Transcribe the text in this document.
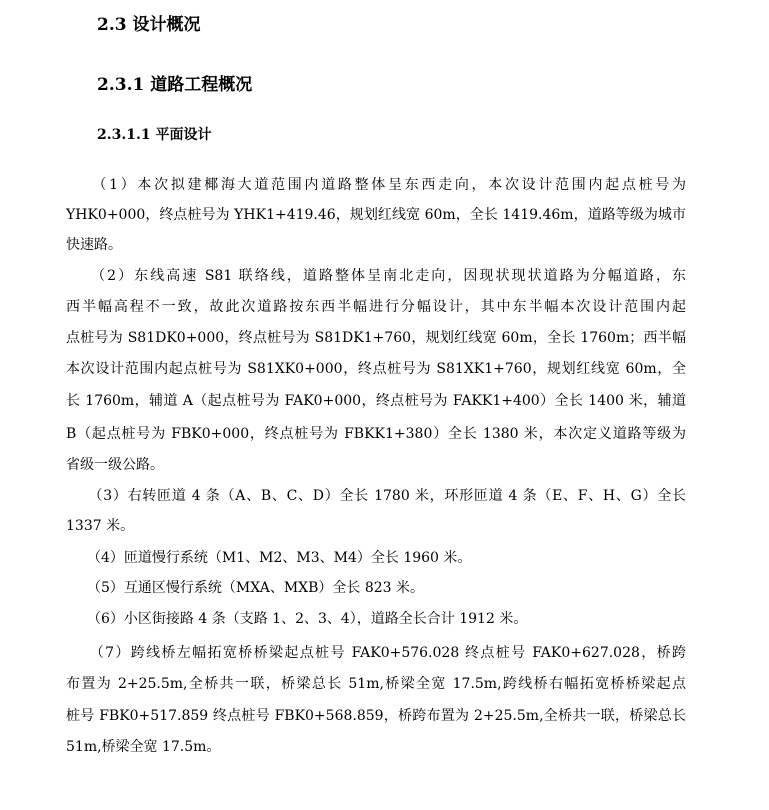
2.3 设计概况
2.3.1 道路工程概况
2.3.1.1 平面设计
　　（1）本次拟建椰海大道范围内道路整体呈东西走向，本次设计范围内起点桩号为
YHK0+000，终点桩号为 YHK1+419.46，规划红线宽 60m，全长 1419.46m，道路等级为城市
快速路。
　　（2）东线高速 S81 联络线，道路整体呈南北走向，因现状现状道路为分幅道路，东
西半幅高程不一致，故此次道路按东西半幅进行分幅设计，其中东半幅本次设计范围内起
点桩号为 S81DK0+000，终点桩号为 S81DK1+760，规划红线宽 60m，全长 1760m；西半幅
本次设计范围内起点桩号为 S81XK0+000，终点桩号为 S81XK1+760，规划红线宽 60m，全
长 1760m，辅道 A（起点桩号为 FAK0+000，终点桩号为 FAKK1+400）全长 1400 米，辅道
B（起点桩号为 FBK0+000，终点桩号为 FBKK1+380）全长 1380 米，本次定义道路等级为
省级一级公路。
　　（3）右转匝道 4 条（A、B、C、D）全长 1780 米，环形匝道 4 条（E、F、H、G）全长
1337 米。
　　（4）匝道慢行系统（M1、M2、M3、M4）全长 1960 米。
　　（5）互通区慢行系统（MXA、MXB）全长 823 米。
　　（6）小区街接路 4 条（支路 1、2、3、4），道路全长合计 1912 米。
　　（7）跨线桥左幅拓宽桥桥梁起点桩号 FAK0+576.028 终点桩号 FAK0+627.028，桥跨
布置为 2+25.5m,全桥共一联，桥梁总长 51m,桥梁全宽 17.5m,跨线桥右幅拓宽桥桥梁起点
桩号 FBK0+517.859 终点桩号 FBK0+568.859，桥跨布置为 2+25.5m,全桥共一联，桥梁总长
51m,桥梁全宽 17.5m。
